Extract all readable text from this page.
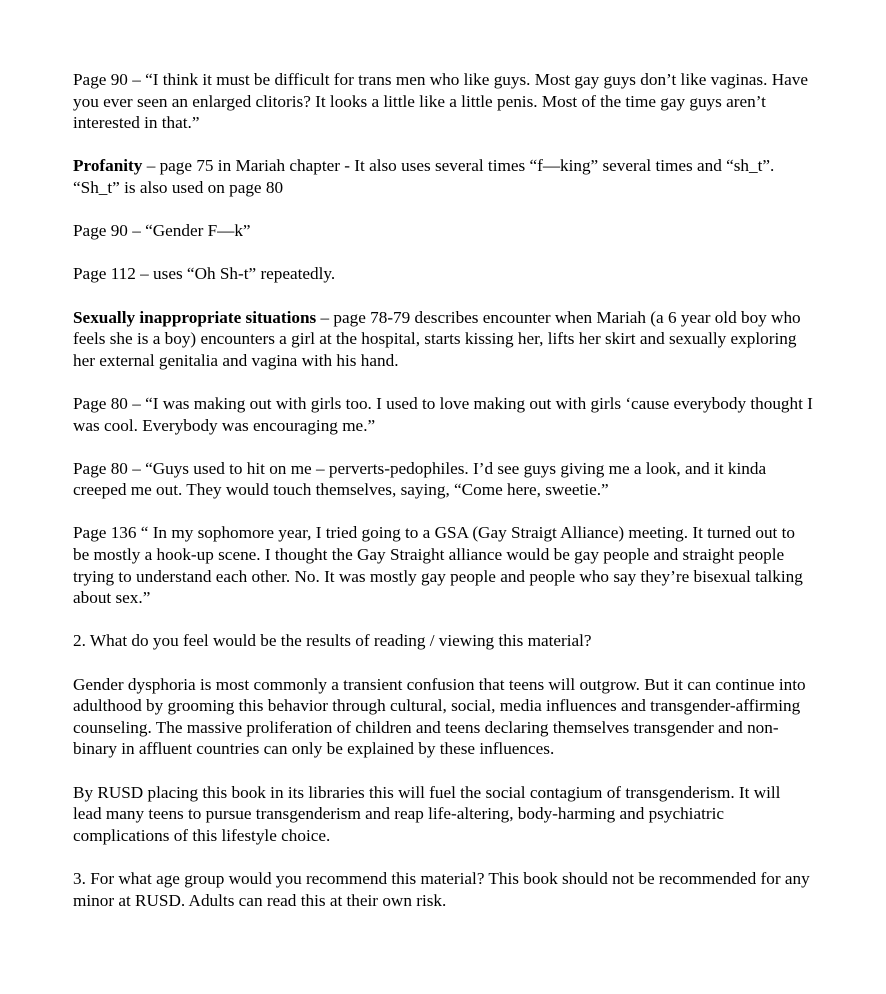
Page 90 – “I think it must be difficult for trans men who like guys. Most gay guys don’t like vaginas. Have you ever seen an enlarged clitoris? It looks a little like a little penis. Most of the time gay guys aren’t interested in that.”

Profanity – page 75 in Mariah chapter - It also uses several times “f—king” several times and “sh_t”. “Sh_t” is also used on page 80

Page 90 – “Gender F—k”

Page 112 – uses “Oh Sh-t” repeatedly.

Sexually inappropriate situations – page 78-79 describes encounter when Mariah (a 6 year old boy who feels she is a boy) encounters a girl at the hospital, starts kissing her, lifts her skirt and sexually exploring her external genitalia and vagina with his hand.

Page 80 – “I was making out with girls too. I used to love making out with girls ‘cause everybody thought I was cool. Everybody was encouraging me.”

Page 80 – “Guys used to hit on me – perverts-pedophiles. I’d see guys giving me a look, and it kinda creeped me out. They would touch themselves, saying, “Come here, sweetie.”

Page 136 “ In my sophomore year, I tried going to a GSA (Gay Straigt Alliance) meeting. It turned out to be mostly a hook-up scene. I thought the Gay Straight alliance would be gay people and straight people trying to understand each other. No. It was mostly gay people and people who say they’re bisexual talking about sex.”

2. What do you feel would be the results of reading / viewing this material?

Gender dysphoria is most commonly a transient confusion that teens will outgrow. But it can continue into adulthood by grooming this behavior through cultural, social, media influences and transgender-affirming counseling. The massive proliferation of children and teens declaring themselves transgender and non-binary in affluent countries can only be explained by these influences.

By RUSD placing this book in its libraries this will fuel the social contagium of transgenderism. It will lead many teens to pursue transgenderism and reap life-altering, body-harming and psychiatric complications of this lifestyle choice.

3. For what age group would you recommend this material? This book should not be recommended for any minor at RUSD. Adults can read this at their own risk.
